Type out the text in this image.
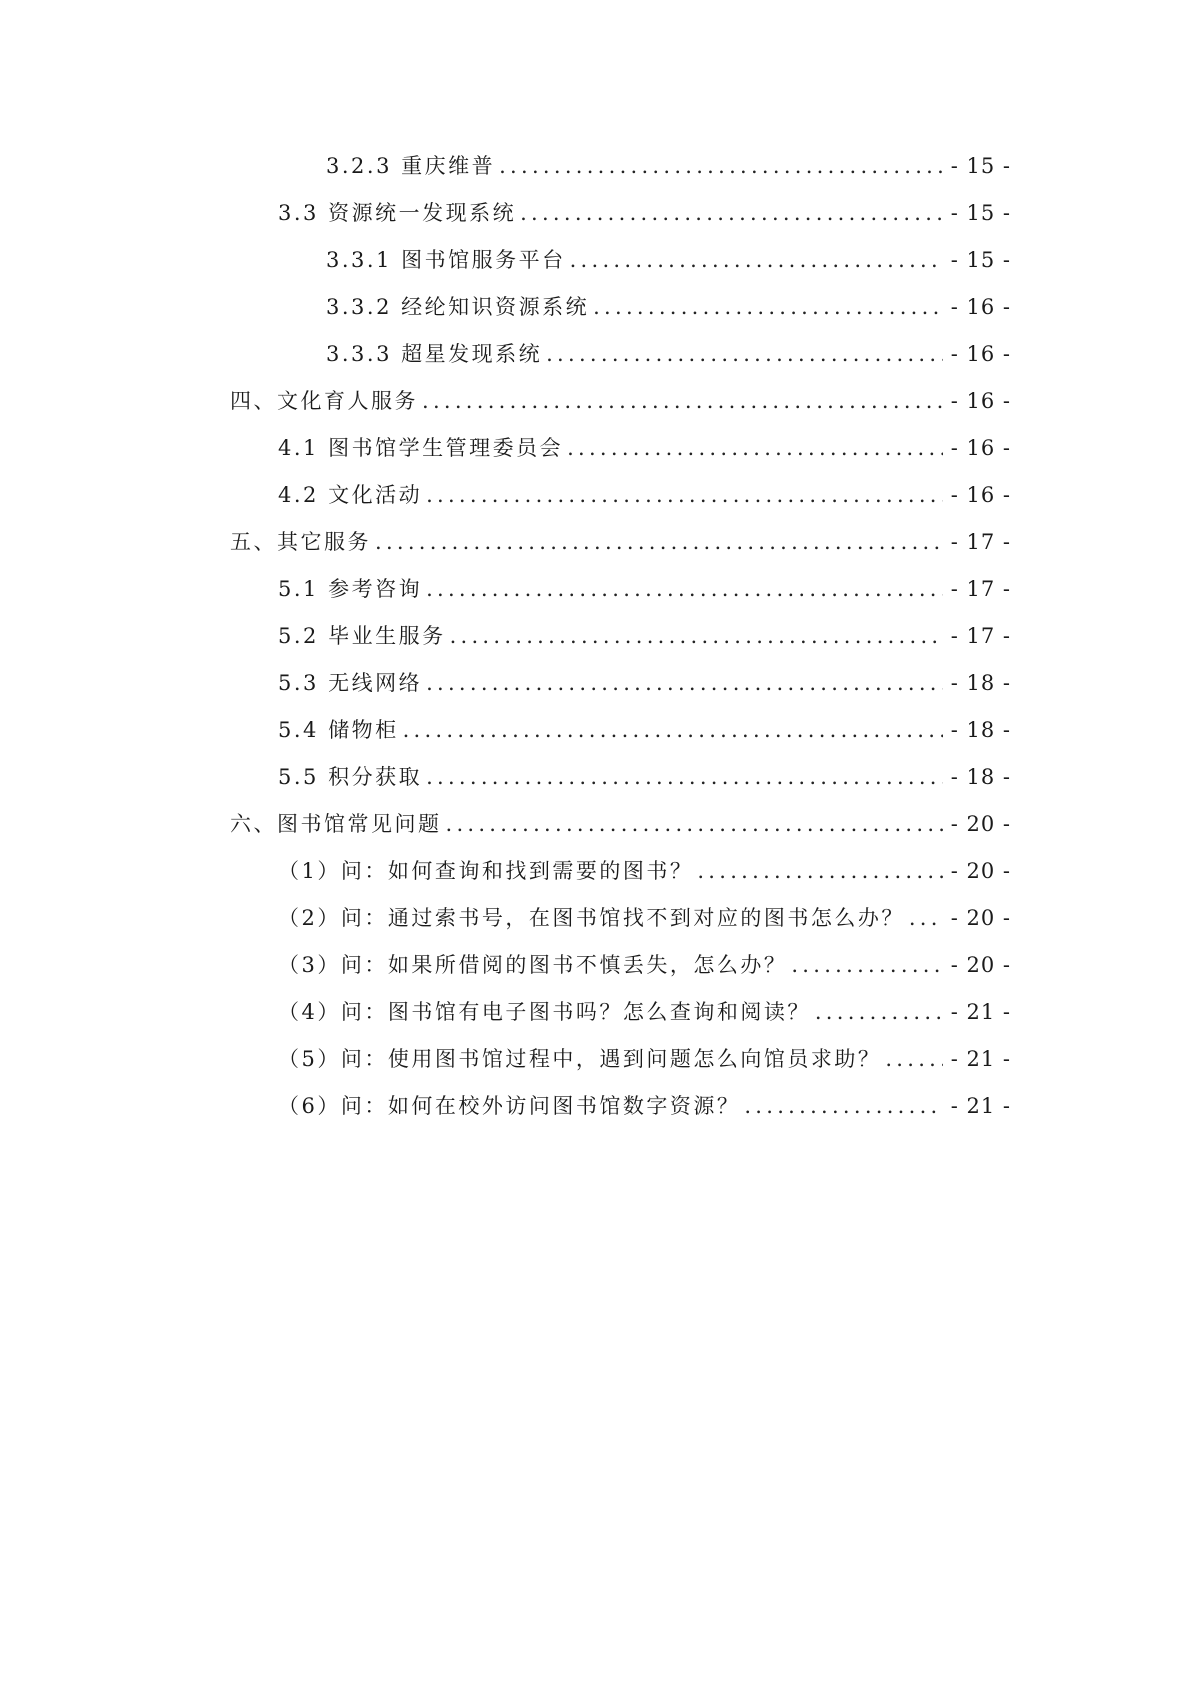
3.2.3 重庆维普 . . .	- 15 -
3.3 资源统一发现系统 . . .	- 15 -
3.3.1 图书馆服务平台 . . .	- 15 -
3.3.2 经纶知识资源系统 . . .	- 16 -
3.3.3 超星发现系统 . . .	- 16 -
四、文化育人服务 . . .	- 16 -
4.1 图书馆学生管理委员会 . . .	- 16 -
4.2 文化活动 . . .	- 16 -
五、其它服务 . . .	- 17 -
5.1 参考咨询 . . .	- 17 -
5.2 毕业生服务 . . .	- 17 -
5.3 无线网络 . . .	- 18 -
5.4 储物柜 . . .	- 18 -
5.5 积分获取 . . .	- 18 -
六、图书馆常见问题 . . .	- 20 -
（1）问：如何查询和找到需要的图书？ . . .	- 20 -
（2）问：通过索书号，在图书馆找不到对应的图书怎么办？ . . .	- 20 -
（3）问：如果所借阅的图书不慎丢失，怎么办？ . . .	- 20 -
（4）问：图书馆有电子图书吗？怎么查询和阅读？ . . .	- 21 -
（5）问：使用图书馆过程中，遇到问题怎么向馆员求助？ . . .	- 21 -
（6）问：如何在校外访问图书馆数字资源？ . . .	- 21 -
